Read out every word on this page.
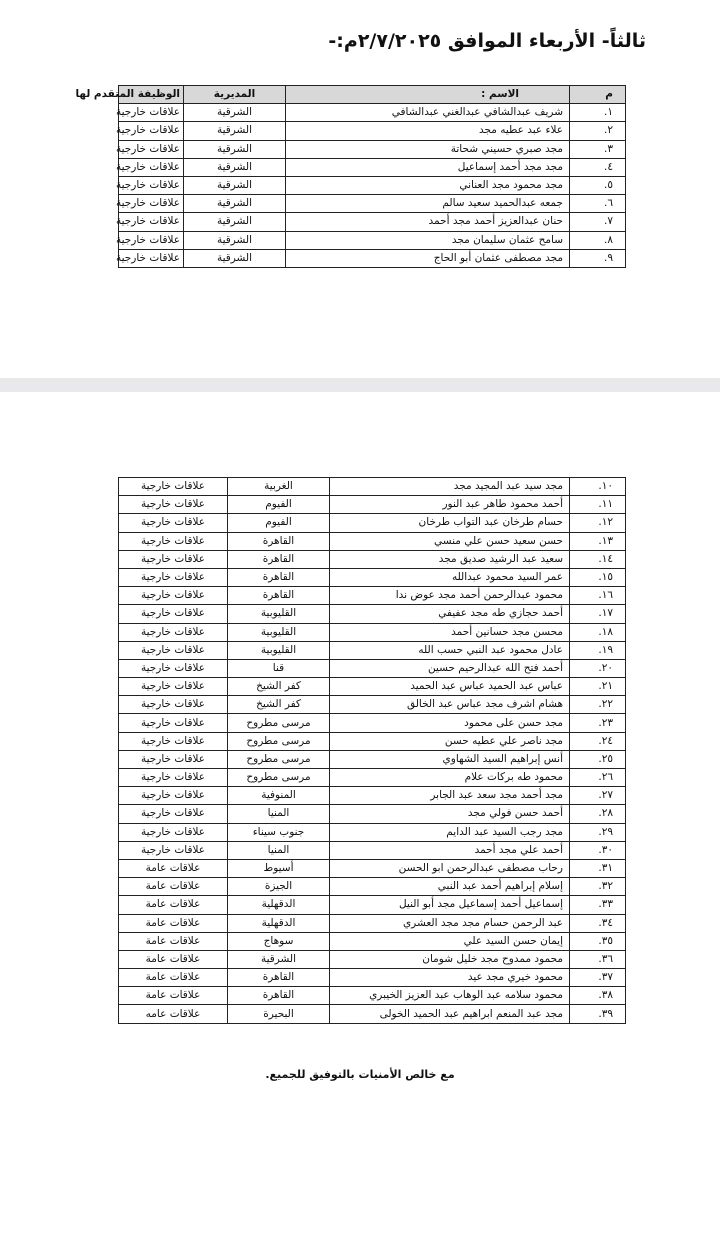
ثالثاً- الأربعاء الموافق ٢/٧/٢٠٢٥م:-
م	الاسم :	المديرية	الوظيفة المتقدم لها
١.	شريف عبدالشافي عبدالغني عبدالشافي	الشرقية	علاقات خارجية
٢.	علاء عبد عطيه مجد	الشرقية	علاقات خارجية
٣.	مجد صبري حسيني شحاتة	الشرقية	علاقات خارجية
٤.	مجد مجد أحمد إسماعيل	الشرقية	علاقات خارجية
٥.	مجد محمود مجد العناني	الشرقية	علاقات خارجية
٦.	جمعه عبدالحميد سعيد سالم	الشرقية	علاقات خارجية
٧.	حنان عبدالعزيز أحمد مجد أحمد	الشرقية	علاقات خارجية
٨.	سامح عثمان سليمان مجد	الشرقية	علاقات خارجية
٩.	مجد مصطفى عثمان أبو الحاج	الشرقية	علاقات خارجية
١٠.	مجد سيد عبد المجيد مجد	الغربية	علاقات خارجية
١١.	أحمد محمود طاهر عبد النور	الفيوم	علاقات خارجية
١٢.	حسام طرخان عبد التواب طرخان	الفيوم	علاقات خارجية
١٣.	حسن سعيد حسن علي منسي	القاهرة	علاقات خارجية
١٤.	سعيد عبد الرشيد صديق مجد	القاهرة	علاقات خارجية
١٥.	عمر السيد محمود عبدالله	القاهرة	علاقات خارجية
١٦.	محمود عبدالرحمن أحمد مجد عوض ندا	القاهرة	علاقات خارجية
١٧.	أحمد حجازي طه مجد عفيفي	القليوبية	علاقات خارجية
١٨.	محسن مجد حسانين أحمد	القليوبية	علاقات خارجية
١٩.	عادل محمود عبد النبي حسب الله	القليوبية	علاقات خارجية
٢٠.	أحمد فتح الله عبدالرحيم حسين	قنا	علاقات خارجية
٢١.	عباس عبد الحميد عباس عبد الحميد	كفر الشيخ	علاقات خارجية
٢٢.	هشام اشرف مجد عباس عبد الخالق	كفر الشيخ	علاقات خارجية
٢٣.	مجد حسن على محمود	مرسى مطروح	علاقات خارجية
٢٤.	مجد ناصر علي عطيه حسن	مرسى مطروح	علاقات خارجية
٢٥.	أنس إبراهيم السيد الشهاوي	مرسى مطروح	علاقات خارجية
٢٦.	محمود طه بركات علام	مرسى مطروح	علاقات خارجية
٢٧.	مجد أحمد مجد سعد عبد الجابر	المنوفية	علاقات خارجية
٢٨.	أحمد حسن فولي مجد	المنيا	علاقات خارجية
٢٩.	مجد رجب السيد عبد الدايم	جنوب سيناء	علاقات خارجية
٣٠.	أحمد علي مجد أحمد	المنيا	علاقات خارجية
٣١.	رحاب مصطفى عبدالرحمن ابو الحسن	أسيوط	علاقات عامة
٣٢.	إسلام إبراهيم أحمد عبد النبي	الجيزة	علاقات عامة
٣٣.	إسماعيل أحمد إسماعيل مجد أبو النيل	الدقهلية	علاقات عامة
٣٤.	عبد الرحمن حسام مجد مجد العشري	الدقهلية	علاقات عامة
٣٥.	إيمان حسن السيد علي	سوهاج	علاقات عامة
٣٦.	محمود ممدوح مجد خليل شومان	الشرقية	علاقات عامة
٣٧.	محمود خيري مجد عيد	القاهرة	علاقات عامة
٣٨.	محمود سلامه عبد الوهاب عبد العزيز الخيبري	القاهرة	علاقات عامة
٣٩.	مجد عبد المنعم ابراهيم عبد الحميد الخولى	البحيرة	علاقات عامه
مع خالص الأمنيات بالتوفيق للجميع.
